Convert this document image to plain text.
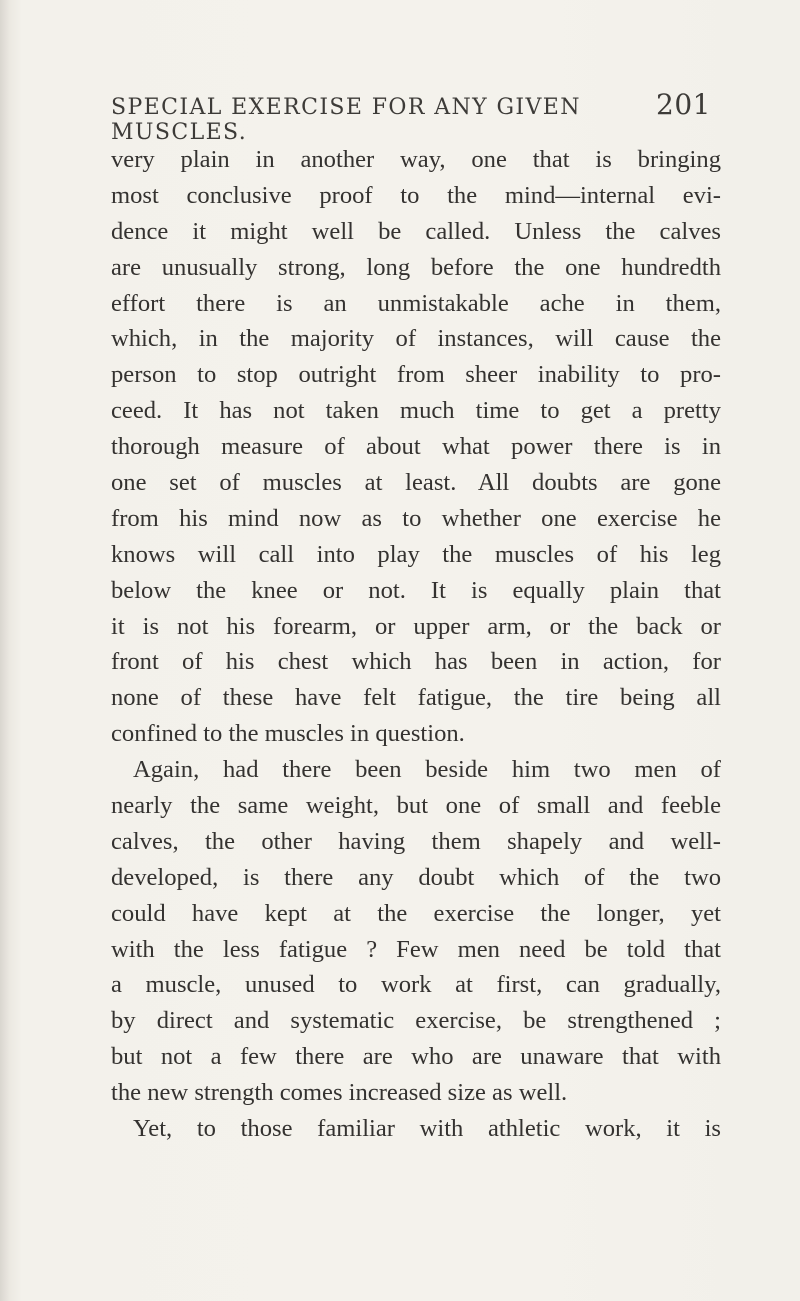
SPECIAL EXERCISE FOR ANY GIVEN MUSCLES.
201
very plain in another way, one that is bringing
most conclusive proof to the mind—internal evi-
dence it might well be called. Unless the calves
are unusually strong, long before the one hundredth
effort there is an unmistakable ache in them,
which, in the majority of instances, will cause the
person to stop outright from sheer inability to pro-
ceed. It has not taken much time to get a pretty
thorough measure of about what power there is in
one set of muscles at least. All doubts are gone
from his mind now as to whether one exercise he
knows will call into play the muscles of his leg
below the knee or not. It is equally plain that
it is not his forearm, or upper arm, or the back or
front of his chest which has been in action, for
none of these have felt fatigue, the tire being all
confined to the muscles in question.
Again, had there been beside him two men of
nearly the same weight, but one of small and feeble
calves, the other having them shapely and well-
developed, is there any doubt which of the two
could have kept at the exercise the longer, yet
with the less fatigue ? Few men need be told that
a muscle, unused to work at first, can gradually,
by direct and systematic exercise, be strengthened ;
but not a few there are who are unaware that with
the new strength comes increased size as well.
Yet, to those familiar with athletic work, it is
